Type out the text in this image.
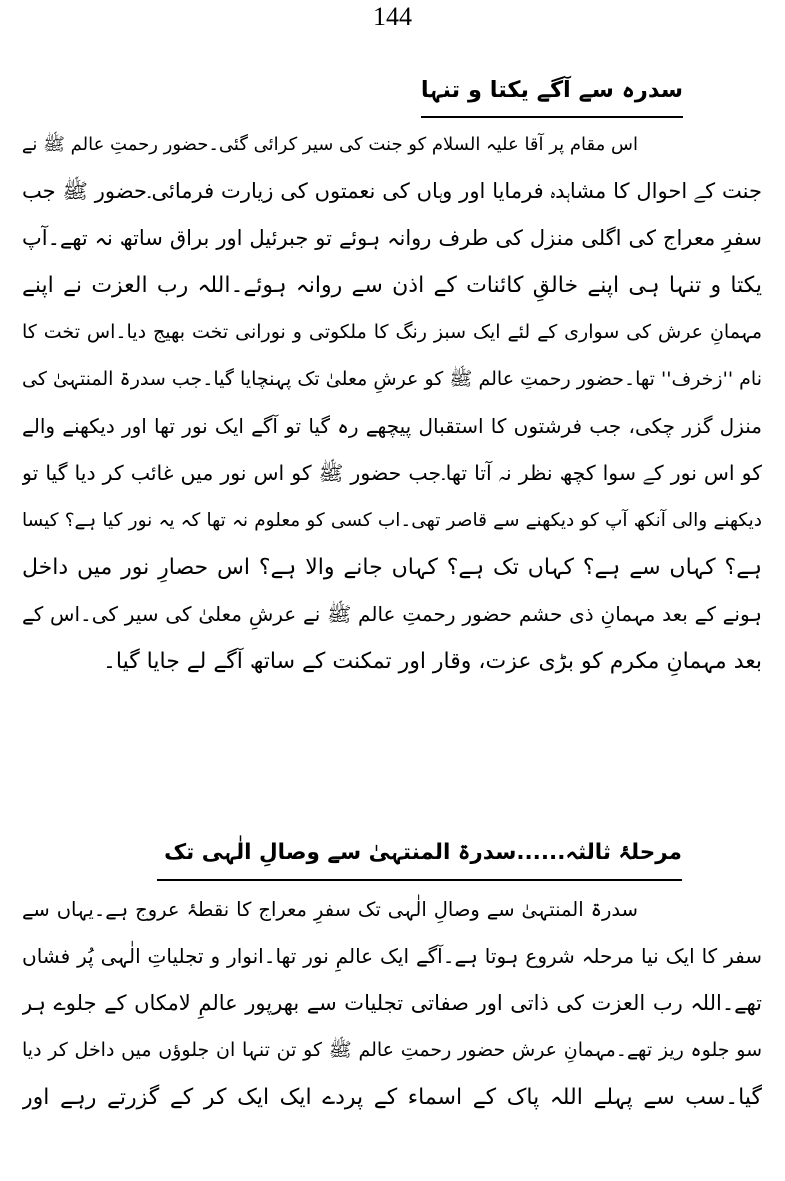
144
سدرہ سے آگے یکتا و تنہا
اس مقام پر آقا علیہ السلام کو جنت کی سیر کرائی گئی۔حضور رحمتِ عالم ﷺ نے
جنت کے احوال کا مشاہدہ فرمایا اور وہاں کی نعمتوں کی زیارت فرمائی۔حضور ﷺ جب
سفرِ معراج کی اگلی منزل کی طرف روانہ ہوئے تو جبرئیل اور براق ساتھ نہ تھے۔آپ
یکتا و تنہا ہی اپنے خالقِ کائنات کے اذن سے روانہ ہوئے۔اللہ رب العزت نے اپنے
مہمانِ عرش کی سواری کے لئے ایک سبز رنگ کا ملکوتی و نورانی تخت بھیج دیا۔اس تخت کا
نام ''زخرف'' تھا۔حضور رحمتِ عالم ﷺ کو عرشِ معلیٰ تک پہنچایا گیا۔جب سدرۃ المنتہیٰ کی
منزل گزر چکی، جب فرشتوں کا استقبال پیچھے رہ گیا تو آگے ایک نور تھا اور دیکھنے والے
کو اس نور کے سوا کچھ نظر نہ آتا تھا۔جب حضور ﷺ کو اس نور میں غائب کر دیا گیا تو
دیکھنے والی آنکھ آپ کو دیکھنے سے قاصر تھی۔اب کسی کو معلوم نہ تھا کہ یہ نور کیا ہے؟ کیسا
ہے؟ کہاں سے ہے؟ کہاں تک ہے؟ کہاں جانے والا ہے؟ اس حصارِ نور میں داخل
ہونے کے بعد مہمانِ ذی حشم حضور رحمتِ عالم ﷺ نے عرشِ معلیٰ کی سیر کی۔اس کے
بعد مہمانِ مکرم کو بڑی عزت، وقار اور تمکنت کے ساتھ آگے لے جایا گیا۔
مرحلۂ ثالثہ......سدرۃ المنتہیٰ سے وصالِ الٰہی تک
سدرۃ المنتہیٰ سے وصالِ الٰہی تک سفرِ معراج کا نقطۂ عروج ہے۔یہاں سے
سفر کا ایک نیا مرحلہ شروع ہوتا ہے۔آگے ایک عالمِ نور تھا۔انوار و تجلیاتِ الٰہی پُر فشاں
تھے۔اللہ رب العزت کی ذاتی اور صفاتی تجلیات سے بھرپور عالمِ لامکاں کے جلوے ہر
سو جلوہ ریز تھے۔مہمانِ عرش حضور رحمتِ عالم ﷺ کو تن تنہا ان جلوؤں میں داخل کر دیا
گیا۔سب سے پہلے اللہ پاک کے اسماء کے پردے ایک ایک کر کے گزرتے رہے اور
